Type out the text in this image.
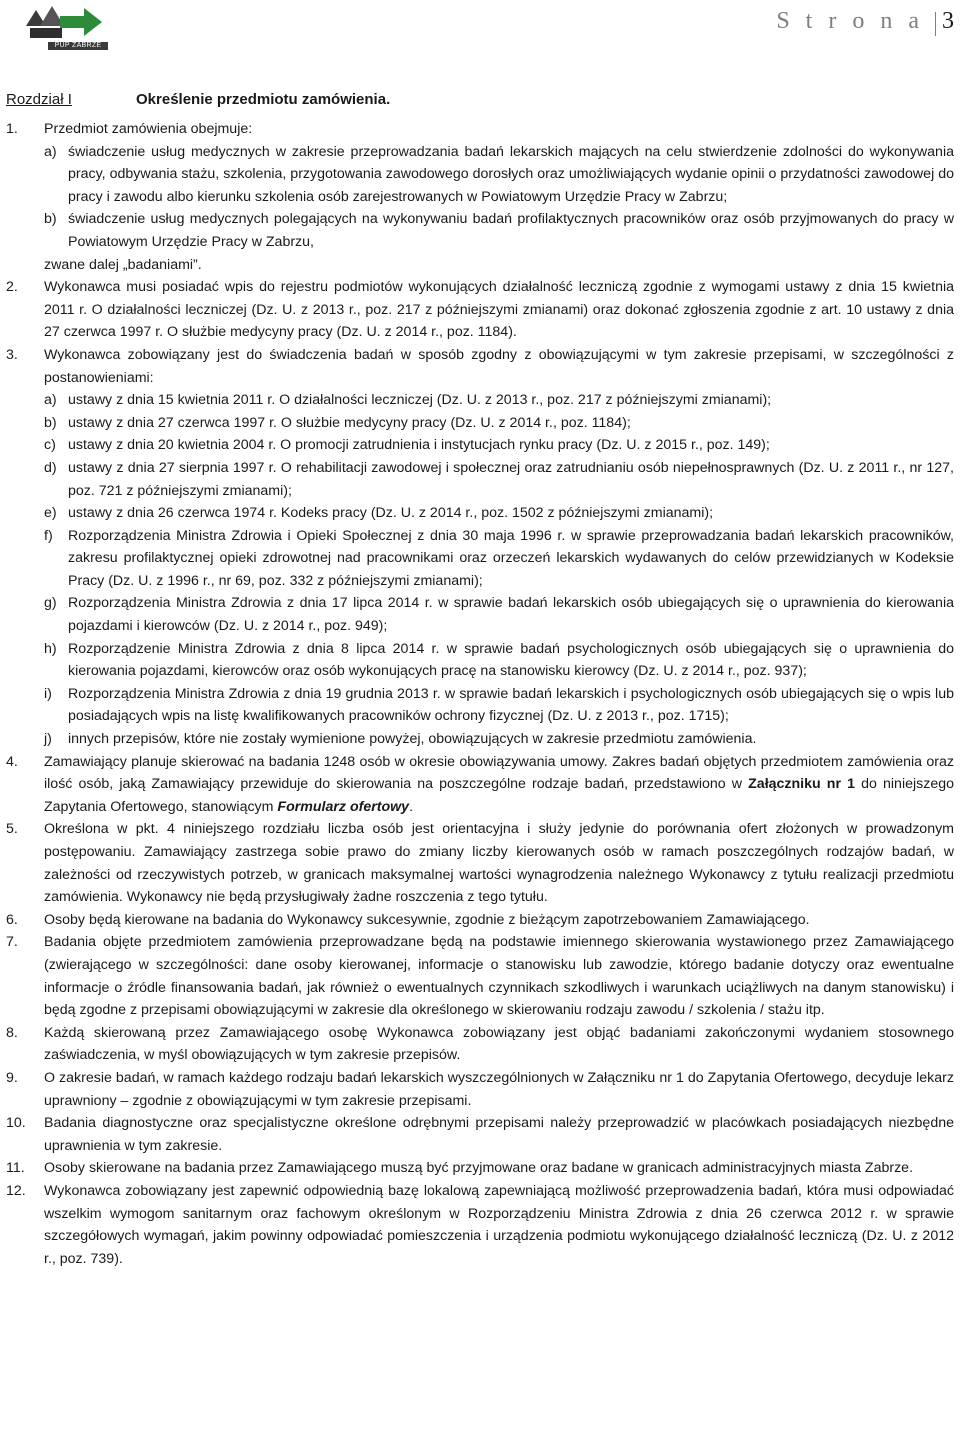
PUP ZABRZE
S t r o n a 3
Rozdział I	Określenie przedmiotu zamówienia.
1. Przedmiot zamówienia obejmuje:
a) świadczenie usług medycznych w zakresie przeprowadzania badań lekarskich mających na celu stwierdzenie zdolności do wykonywania pracy, odbywania stażu, szkolenia, przygotowania zawodowego dorosłych oraz umożliwiających wydanie opinii o przydatności zawodowej do pracy i zawodu albo kierunku szkolenia osób zarejestrowanych w Powiatowym Urzędzie Pracy w Zabrzu;
b) świadczenie usług medycznych polegających na wykonywaniu badań profilaktycznych pracowników oraz osób przyjmowanych do pracy w Powiatowym Urzędzie Pracy w Zabrzu,
zwane dalej „badaniami”.
2. Wykonawca musi posiadać wpis do rejestru podmiotów wykonujących działalność leczniczą zgodnie z wymogami ustawy z dnia 15 kwietnia 2011 r. O działalności leczniczej (Dz. U. z 2013 r., poz. 217 z późniejszymi zmianami) oraz dokonać zgłoszenia zgodnie z art. 10 ustawy z dnia 27 czerwca 1997 r. O służbie medycyny pracy (Dz. U. z 2014 r., poz. 1184).
3. Wykonawca zobowiązany jest do świadczenia badań w sposób zgodny z obowiązującymi w tym zakresie przepisami, w szczególności z postanowieniami:
a) ustawy z dnia 15 kwietnia 2011 r. O działalności leczniczej (Dz. U. z 2013 r., poz. 217 z późniejszymi zmianami);
b) ustawy z dnia 27 czerwca 1997 r. O służbie medycyny pracy (Dz. U. z 2014 r., poz. 1184);
c) ustawy z dnia 20 kwietnia 2004 r. O promocji zatrudnienia i instytucjach rynku pracy (Dz. U. z 2015 r., poz. 149);
d) ustawy z dnia 27 sierpnia 1997 r. O rehabilitacji zawodowej i społecznej oraz zatrudnianiu osób niepełnosprawnych (Dz. U. z 2011 r., nr 127, poz. 721 z późniejszymi zmianami);
e) ustawy z dnia 26 czerwca 1974 r. Kodeks pracy (Dz. U. z 2014 r., poz. 1502 z późniejszymi zmianami);
f) Rozporządzenia Ministra Zdrowia i Opieki Społecznej z dnia 30 maja 1996 r. w sprawie przeprowadzania badań lekarskich pracowników, zakresu profilaktycznej opieki zdrowotnej nad pracownikami oraz orzeczeń lekarskich wydawanych do celów przewidzianych w Kodeksie Pracy (Dz. U. z 1996 r., nr 69, poz. 332 z późniejszymi zmianami);
g) Rozporządzenia Ministra Zdrowia z dnia 17 lipca 2014 r. w sprawie badań lekarskich osób ubiegających się o uprawnienia do kierowania pojazdami i kierowców (Dz. U. z 2014 r., poz. 949);
h) Rozporządzenie Ministra Zdrowia z dnia 8 lipca 2014 r. w sprawie badań psychologicznych osób ubiegających się o uprawnienia do kierowania pojazdami, kierowców oraz osób wykonujących pracę na stanowisku kierowcy (Dz. U. z 2014 r., poz. 937);
i) Rozporządzenia Ministra Zdrowia z dnia 19 grudnia 2013 r. w sprawie badań lekarskich i psychologicznych osób ubiegających się o wpis lub posiadających wpis na listę kwalifikowanych pracowników ochrony fizycznej (Dz. U. z 2013 r., poz. 1715);
j) innych przepisów, które nie zostały wymienione powyżej, obowiązujących w zakresie przedmiotu zamówienia.
4. Zamawiający planuje skierować na badania 1248 osób w okresie obowiązywania umowy. Zakres badań objętych przedmiotem zamówienia oraz ilość osób, jaką Zamawiający przewiduje do skierowania na poszczególne rodzaje badań, przedstawiono w Załączniku nr 1 do niniejszego Zapytania Ofertowego, stanowiącym Formularz ofertowy.
5. Określona w pkt. 4 niniejszego rozdziału liczba osób jest orientacyjna i służy jedynie do porównania ofert złożonych w prowadzonym postępowaniu. Zamawiający zastrzega sobie prawo do zmiany liczby kierowanych osób w ramach poszczególnych rodzajów badań, w zależności od rzeczywistych potrzeb, w granicach maksymalnej wartości wynagrodzenia należnego Wykonawcy z tytułu realizacji przedmiotu zamówienia. Wykonawcy nie będą przysługiwały żadne roszczenia z tego tytułu.
6. Osoby będą kierowane na badania do Wykonawcy sukcesywnie, zgodnie z bieżącym zapotrzebowaniem Zamawiającego.
7. Badania objęte przedmiotem zamówienia przeprowadzane będą na podstawie imiennego skierowania wystawionego przez Zamawiającego (zwierającego w szczególności: dane osoby kierowanej, informacje o stanowisku lub zawodzie, którego badanie dotyczy oraz ewentualne informacje o źródle finansowania badań, jak również o ewentualnych czynnikach szkodliwych i warunkach uciążliwych na danym stanowisku) i będą zgodne z przepisami obowiązującymi w zakresie dla określonego w skierowaniu rodzaju zawodu / szkolenia / stażu itp.
8. Każdą skierowaną przez Zamawiającego osobę Wykonawca zobowiązany jest objąć badaniami zakończonymi wydaniem stosownego zaświadczenia, w myśl obowiązujących w tym zakresie przepisów.
9. O zakresie badań, w ramach każdego rodzaju badań lekarskich wyszczególnionych w Załączniku nr 1 do Zapytania Ofertowego, decyduje lekarz uprawniony – zgodnie z obowiązującymi w tym zakresie przepisami.
10. Badania diagnostyczne oraz specjalistyczne określone odrębnymi przepisami należy przeprowadzić w placówkach posiadających niezbędne uprawnienia w tym zakresie.
11. Osoby skierowane na badania przez Zamawiającego muszą być przyjmowane oraz badane w granicach administracyjnych miasta Zabrze.
12. Wykonawca zobowiązany jest zapewnić odpowiednią bazę lokalową zapewniającą możliwość przeprowadzenia badań, która musi odpowiadać wszelkim wymogom sanitarnym oraz fachowym określonym w Rozporządzeniu Ministra Zdrowia z dnia 26 czerwca 2012 r. w sprawie szczegółowych wymagań, jakim powinny odpowiadać pomieszczenia i urządzenia podmiotu wykonującego działalność leczniczą (Dz. U. z 2012 r., poz. 739).
